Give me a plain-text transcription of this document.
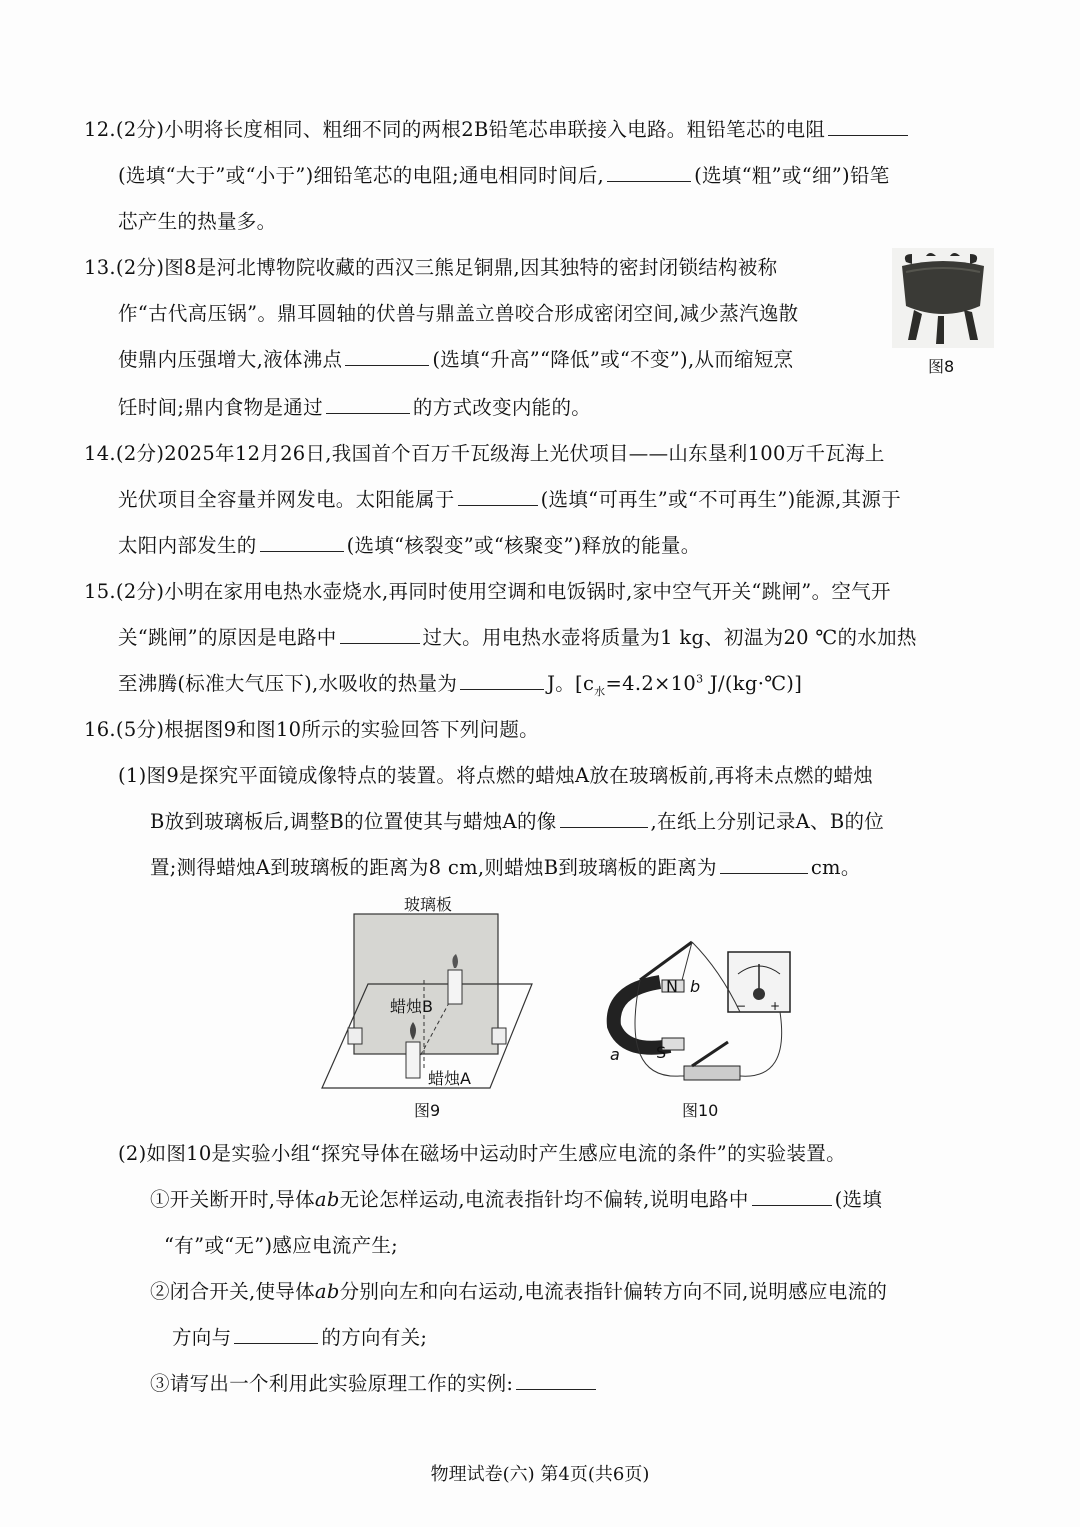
12.(2分)小明将长度相同、粗细不同的两根2B铅笔芯串联接入电路。粗铅笔芯的电阻
(选填“大于”或“小于”)细铅笔芯的电阻;通电相同时间后,	(选填“粗”或“细”)铅笔
芯产生的热量多。
13.(2分)图8是河北博物院收藏的西汉三熊足铜鼎,因其独特的密封闭锁结构被称
作“古代高压锅”。鼎耳圆轴的伏兽与鼎盖立兽咬合形成密闭空间,减少蒸汽逸散
使鼎内压强增大,液体沸点	(选填“升高”“降低”或“不变”),从而缩短烹
饪时间;鼎内食物是通过	的方式改变内能的。
图8
14.(2分)2025年12月26日,我国首个百万千瓦级海上光伏项目——山东垦利100万千瓦海上
光伏项目全容量并网发电。太阳能属于	(选填“可再生”或“不可再生”)能源,其源于
太阳内部发生的	(选填“核裂变”或“核聚变”)释放的能量。
15.(2分)小明在家用电热水壶烧水,再同时使用空调和电饭锅时,家中空气开关“跳闸”。空气开
关“跳闸”的原因是电路中	过大。用电热水壶将质量为1 kg、初温为20 ℃的水加热
至沸腾(标准大气压下),水吸收的热量为	J。[$c_水=4.2\times 10^3$ J/(kg·℃)]
16.(5分)根据图9和图10所示的实验回答下列问题。
(1)图9是探究平面镜成像特点的装置。将点燃的蜡烛A放在玻璃板前,再将未点燃的蜡烛
B放到玻璃板后,调整B的位置使其与蜡烛A的像	,在纸上分别记录A、B的位
置;测得蜡烛A到玻璃板的距离为8 cm,则蜡烛B到玻璃板的距离为	cm。
玻璃板
蜡烛B
蜡烛A
图9
− +
N
S
a
b
图10
(2)如图10是实验小组“探究导体在磁场中运动时产生感应电流的条件”的实验装置。
①开关断开时,导体ab无论怎样运动,电流表指针均不偏转,说明电路中	(选填
“有”或“无”)感应电流产生;
②闭合开关,使导体ab分别向左和向右运动,电流表指针偏转方向不同,说明感应电流的
方向与	的方向有关;
③请写出一个利用此实验原理工作的实例:
物理试卷(六) 第4页(共6页)
